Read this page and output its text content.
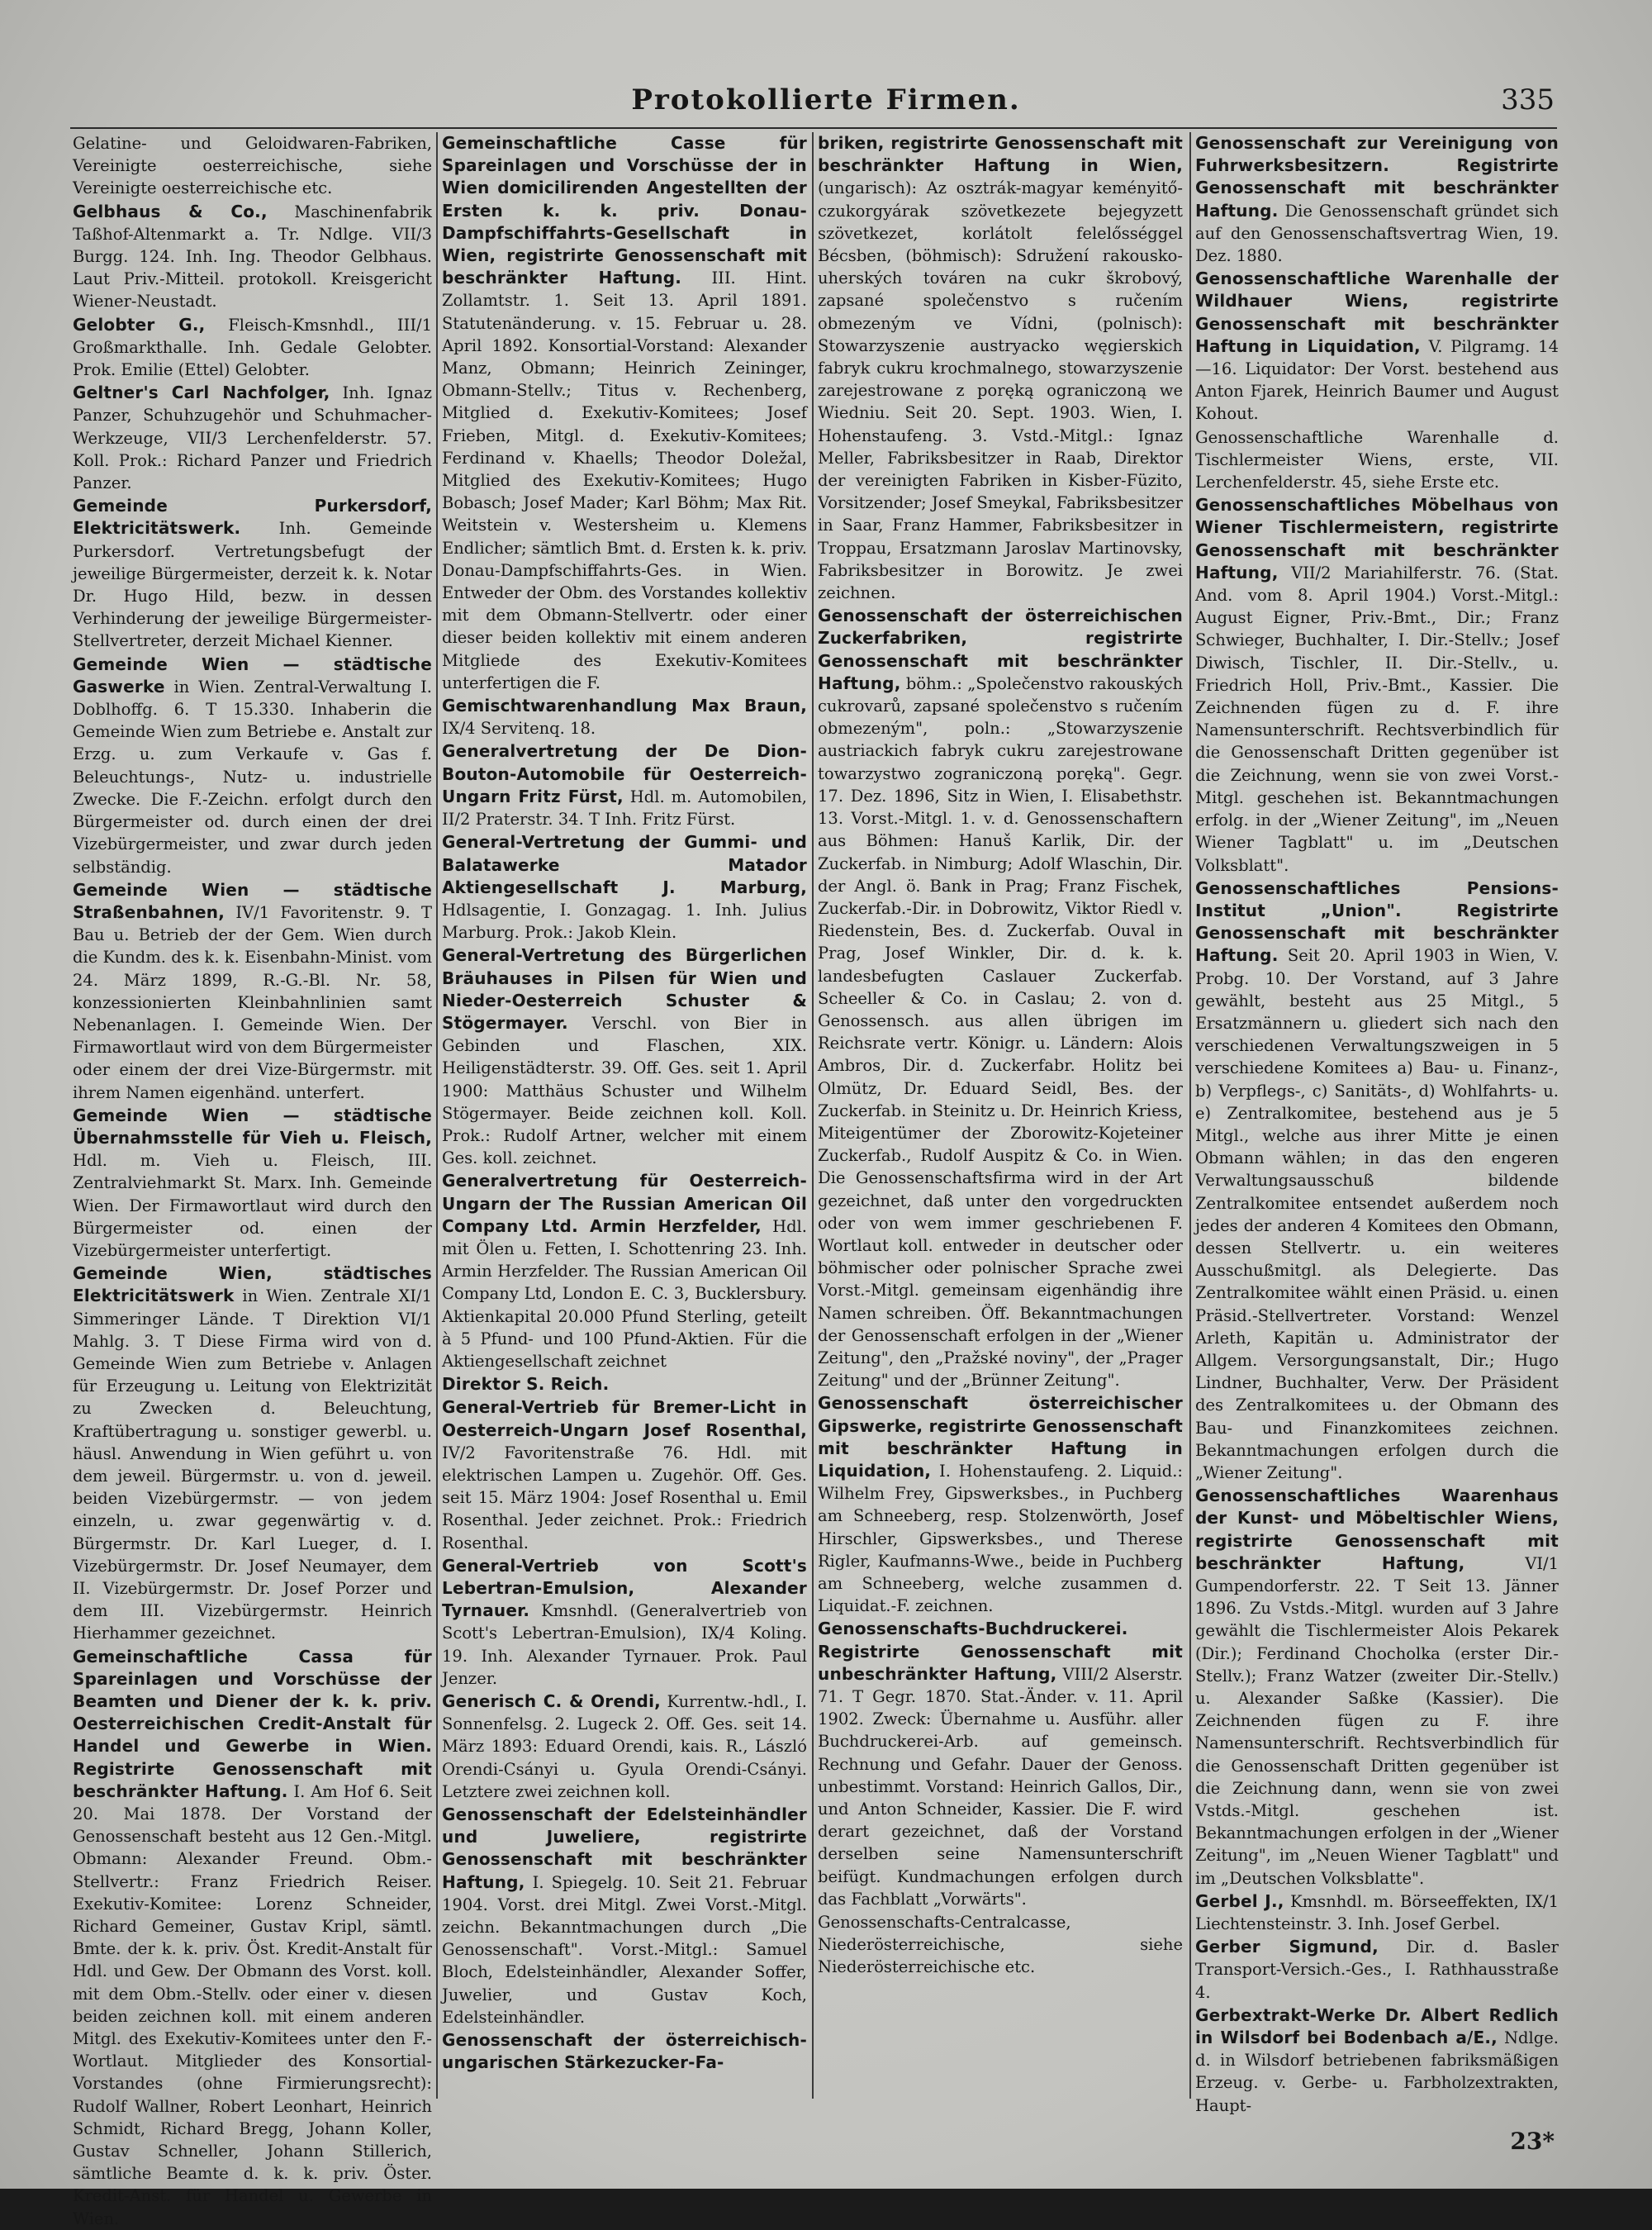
Protokollierte Firmen.	335
Gelatine- und Geloidwaren-Fabriken, Vereinigte oesterreichische, siehe Vereinigte oesterreichische etc.
Gelbhaus & Co., Maschinenfabrik Taßhof-Altenmarkt a. Tr. Ndlge. VII/3 Burgg. 124. Inh. Ing. Theodor Gelbhaus. Laut Priv.-Mitteil. protokoll. Kreisgericht Wiener-Neustadt.
Gelobter G., Fleisch-Kmsnhdl., III/1 Großmarkthalle. Inh. Gedale Gelobter. Prok. Emilie (Ettel) Gelobter.
Geltner's Carl Nachfolger, Inh. Ignaz Panzer, Schuhzugehör und Schuhmacher-Werkzeuge, VII/3 Lerchenfelderstr. 57. Koll. Prok.: Richard Panzer und Friedrich Panzer.
Gemeinde Purkersdorf, Elektricitätswerk. Inh. Gemeinde Purkersdorf. Vertretungsbefugt der jeweilige Bürgermeister, derzeit k. k. Notar Dr. Hugo Hild, bezw. in dessen Verhinderung der jeweilige Bürgermeister-Stellvertreter, derzeit Michael Kienner.
Gemeinde Wien — städtische Gaswerke in Wien. Zentral-Verwaltung I. Doblhoffg. 6. T 15.330. Inhaberin die Gemeinde Wien zum Betriebe e. Anstalt zur Erzg. u. zum Verkaufe v. Gas f. Beleuchtungs-, Nutz- u. industrielle Zwecke. Die F.-Zeichn. erfolgt durch den Bürgermeister od. durch einen der drei Vizebürgermeister, und zwar durch jeden selbständig.
Gemeinde Wien — städtische Straßenbahnen, IV/1 Favoritenstr. 9. T Bau u. Betrieb der der Gem. Wien durch die Kundm. des k. k. Eisenbahn-Minist. vom 24. März 1899, R.-G.-Bl. Nr. 58, konzessionierten Kleinbahnlinien samt Nebenanlagen. I. Gemeinde Wien. Der Firmawortlaut wird von dem Bürgermeister oder einem der drei Vize-Bürgermstr. mit ihrem Namen eigenhänd. unterfert.
Gemeinde Wien — städtische Übernahmsstelle für Vieh u. Fleisch, Hdl. m. Vieh u. Fleisch, III. Zentralviehmarkt St. Marx. Inh. Gemeinde Wien. Der Firmawortlaut wird durch den Bürgermeister od. einen der Vizebürgermeister unterfertigt.
Gemeinde Wien, städtisches Elektricitätswerk in Wien. Zentrale XI/1 Simmeringer Lände. T Direktion VI/1 Mahlg. 3. T Diese Firma wird von d. Gemeinde Wien zum Betriebe v. Anlagen für Erzeugung u. Leitung von Elektrizität zu Zwecken d. Beleuchtung, Kraftübertragung u. sonstiger gewerbl. u. häusl. Anwendung in Wien geführt u. von dem jeweil. Bürgermstr. u. von d. jeweil. beiden Vizebürgermstr. — von jedem einzeln, u. zwar gegenwärtig v. d. Bürgermstr. Dr. Karl Lueger, d. I. Vizebürgermstr. Dr. Josef Neumayer, dem II. Vizebürgermstr. Dr. Josef Porzer und dem III. Vizebürgermstr. Heinrich Hierhammer gezeichnet.
Gemeinschaftliche Cassa für Spareinlagen und Vorschüsse der Beamten und Diener der k. k. priv. Oesterreichischen Credit-Anstalt für Handel und Gewerbe in Wien. Registrirte Genossenschaft mit beschränkter Haftung. I. Am Hof 6. Seit 20. Mai 1878. Der Vorstand der Genossenschaft besteht aus 12 Gen.-Mitgl. Obmann: Alexander Freund. Obm.-Stellvertr.: Franz Friedrich Reiser. Exekutiv-Komitee: Lorenz Schneider, Richard Gemeiner, Gustav Kripl, sämtl. Bmte. der k. k. priv. Öst. Kredit-Anstalt für Hdl. und Gew. Der Obmann des Vorst. koll. mit dem Obm.-Stellv. oder einer v. diesen beiden zeichnen koll. mit einem anderen Mitgl. des Exekutiv-Komitees unter den F.-Wortlaut. Mitglieder des Konsortial-Vorstandes (ohne Firmierungsrecht): Rudolf Wallner, Robert Leonhart, Heinrich Schmidt, Richard Bregg, Johann Koller, Gustav Schneller, Johann Stillerich, sämtliche Beamte d. k. k. priv. Öster. Kredit-Anst. für Handel u. Gewerbe in Wien.
Gemeinschaftliche Casse für Spareinlagen und Vorschüsse der in Wien domicilirenden Angestellten der Ersten k. k. priv. Donau-Dampfschiffahrts-Gesellschaft in Wien, registrirte Genossenschaft mit beschränkter Haftung. III. Hint. Zollamtstr. 1. Seit 13. April 1891. Statutenänderung. v. 15. Februar u. 28. April 1892. Konsortial-Vorstand: Alexander Manz, Obmann; Heinrich Zeininger, Obmann-Stellv.; Titus v. Rechenberg, Mitglied d. Exekutiv-Komitees; Josef Frieben, Mitgl. d. Exekutiv-Komitees; Ferdinand v. Khaells; Theodor Doležal, Mitglied des Exekutiv-Komitees; Hugo Bobasch; Josef Mader; Karl Böhm; Max Rit. Weitstein v. Westersheim u. Klemens Endlicher; sämtlich Bmt. d. Ersten k. k. priv. Donau-Dampfschiffahrts-Ges. in Wien. Entweder der Obm. des Vorstandes kollektiv mit dem Obmann-Stellvertr. oder einer dieser beiden kollektiv mit einem anderen Mitgliede des Exekutiv-Komitees unterfertigen die F.
Gemischtwarenhandlung Max Braun, IX/4 Servitenq. 18.
Generalvertretung der De Dion-Bouton-Automobile für Oesterreich-Ungarn Fritz Fürst, Hdl. m. Automobilen, II/2 Praterstr. 34. T Inh. Fritz Fürst.
General-Vertretung der Gummi- und Balatawerke Matador Aktiengesellschaft J. Marburg, Hdlsagentie, I. Gonzagag. 1. Inh. Julius Marburg. Prok.: Jakob Klein.
General-Vertretung des Bürgerlichen Bräuhauses in Pilsen für Wien und Nieder-Oesterreich Schuster & Stögermayer. Verschl. von Bier in Gebinden und Flaschen, XIX. Heiligenstädterstr. 39. Off. Ges. seit 1. April 1900: Matthäus Schuster und Wilhelm Stögermayer. Beide zeichnen koll. Koll. Prok.: Rudolf Artner, welcher mit einem Ges. koll. zeichnet.
Generalvertretung für Oesterreich-Ungarn der The Russian American Oil Company Ltd. Armin Herzfelder, Hdl. mit Ölen u. Fetten, I. Schottenring 23. Inh. Armin Herzfelder. The Russian American Oil Company Ltd, London E. C. 3, Bucklersbury. Aktienkapital 20.000 Pfund Sterling, geteilt à 5 Pfund- und 100 Pfund-Aktien. Für die Aktiengesellschaft zeichnet
Direktor S. Reich.
General-Vertrieb für Bremer-Licht in Oesterreich-Ungarn Josef Rosenthal, IV/2 Favoritenstraße 76. Hdl. mit elektrischen Lampen u. Zugehör. Off. Ges. seit 15. März 1904: Josef Rosenthal u. Emil Rosenthal. Jeder zeichnet. Prok.: Friedrich Rosenthal.
General-Vertrieb von Scott's Lebertran-Emulsion, Alexander Tyrnauer. Kmsnhdl. (Generalvertrieb von Scott's Lebertran-Emulsion), IX/4 Koling. 19. Inh. Alexander Tyrnauer. Prok. Paul Jenzer.
Generisch C. & Orendi, Kurrentw.-hdl., I. Sonnenfelsg. 2. Lugeck 2. Off. Ges. seit 14. März 1893: Eduard Orendi, kais. R., László Orendi-Csányi u. Gyula Orendi-Csányi. Letztere zwei zeichnen koll.
Genossenschaft der Edelsteinhändler und Juweliere, registrirte Genossenschaft mit beschränkter Haftung, I. Spiegelg. 10. Seit 21. Februar 1904. Vorst. drei Mitgl. Zwei Vorst.-Mitgl. zeichn. Bekanntmachungen durch „Die Genossenschaft". Vorst.-Mitgl.: Samuel Bloch, Edelsteinhändler, Alexander Soffer, Juwelier, und Gustav Koch, Edelsteinhändler.
Genossenschaft der österreichisch-ungarischen Stärkezucker-Fa-
briken, registrirte Genossenschaft mit beschränkter Haftung in Wien, (ungarisch): Az osztrák-magyar keményitő-czukorgyárak szövetkezete bejegyzett szövetkezet, korlátolt felelősséggel Bécsben, (böhmisch): Sdružení rakousko-uherských továren na cukr škrobový, zapsané společenstvo s ručením obmezeným ve Vídni, (polnisch): Stowarzyszenie austryacko węgierskich fabryk cukru krochmalnego, stowarzyszenie zarejestrowane z poręką ograniczoną we Wiedniu. Seit 20. Sept. 1903. Wien, I. Hohenstaufeng. 3. Vstd.-Mitgl.: Ignaz Meller, Fabriksbesitzer in Raab, Direktor der vereinigten Fabriken in Kisber-Füzito, Vorsitzender; Josef Smeykal, Fabriksbesitzer in Saar, Franz Hammer, Fabriksbesitzer in Troppau, Ersatzmann Jaroslav Martinovsky, Fabriksbesitzer in Borowitz. Je zwei zeichnen.
Genossenschaft der österreichischen Zuckerfabriken, registrirte Genossenschaft mit beschränkter Haftung, böhm.: „Společenstvo rakouských cukrovarů, zapsané společenstvo s ručením obmezeným", poln.: „Stowarzyszenie austriackich fabryk cukru zarejestrowane towarzystwo zograniczoną poręką". Gegr. 17. Dez. 1896, Sitz in Wien, I. Elisabethstr. 13. Vorst.-Mitgl. 1. v. d. Genossenschaftern aus Böhmen: Hanuš Karlik, Dir. der Zuckerfab. in Nimburg; Adolf Wlaschin, Dir. der Angl. ö. Bank in Prag; Franz Fischek, Zuckerfab.-Dir. in Dobrowitz, Viktor Riedl v. Riedenstein, Bes. d. Zuckerfab. Ouval in Prag, Josef Winkler, Dir. d. k. k. landesbefugten Caslauer Zuckerfab. Scheeller & Co. in Caslau; 2. von d. Genossensch. aus allen übrigen im Reichsrate vertr. Königr. u. Ländern: Alois Ambros, Dir. d. Zuckerfabr. Holitz bei Olmütz, Dr. Eduard Seidl, Bes. der Zuckerfab. in Steinitz u. Dr. Heinrich Kriess, Miteigentümer der Zborowitz-Kojeteiner Zuckerfab., Rudolf Auspitz & Co. in Wien. Die Genossenschaftsfirma wird in der Art gezeichnet, daß unter den vorgedruckten oder von wem immer geschriebenen F. Wortlaut koll. entweder in deutscher oder böhmischer oder polnischer Sprache zwei Vorst.-Mitgl. gemeinsam eigenhändig ihre Namen schreiben. Öff. Bekanntmachungen der Genossenschaft erfolgen in der „Wiener Zeitung", den „Pražské noviny", der „Prager Zeitung" und der „Brünner Zeitung".
Genossenschaft österreichischer Gipswerke, registrirte Genossenschaft mit beschränkter Haftung in Liquidation, I. Hohenstaufeng. 2. Liquid.: Wilhelm Frey, Gipswerksbes., in Puchberg am Schneeberg, resp. Stolzenwörth, Josef Hirschler, Gipswerksbes., und Therese Rigler, Kaufmanns-Wwe., beide in Puchberg am Schneeberg, welche zusammen d. Liquidat.-F. zeichnen.
Genossenschafts-Buchdruckerei. Registrirte Genossenschaft mit unbeschränkter Haftung, VIII/2 Alserstr. 71. T Gegr. 1870. Stat.-Änder. v. 11. April 1902. Zweck: Übernahme u. Ausführ. aller Buchdruckerei-Arb. auf gemeinsch. Rechnung und Gefahr. Dauer der Genoss. unbestimmt. Vorstand: Heinrich Gallos, Dir., und Anton Schneider, Kassier. Die F. wird derart gezeichnet, daß der Vorstand derselben seine Namensunterschrift beifügt. Kundmachungen erfolgen durch das Fachblatt „Vorwärts".
Genossenschafts-Centralcasse, Niederösterreichische, siehe Niederösterreichische etc.
Genossenschaft zur Vereinigung von Fuhrwerksbesitzern. Registrirte Genossenschaft mit beschränkter Haftung. Die Genossenschaft gründet sich auf den Genossenschaftsvertrag Wien, 19. Dez. 1880.
Genossenschaftliche Warenhalle der Wildhauer Wiens, registrirte Genossenschaft mit beschränkter Haftung in Liquidation, V. Pilgramg. 14—16. Liquidator: Der Vorst. bestehend aus Anton Fjarek, Heinrich Baumer und August Kohout.
Genossenschaftliche Warenhalle d. Tischlermeister Wiens, erste, VII. Lerchenfelderstr. 45, siehe Erste etc.
Genossenschaftliches Möbelhaus von Wiener Tischlermeistern, registrirte Genossenschaft mit beschränkter Haftung, VII/2 Mariahilferstr. 76. (Stat. And. vom 8. April 1904.) Vorst.-Mitgl.: August Eigner, Priv.-Bmt., Dir.; Franz Schwieger, Buchhalter, I. Dir.-Stellv.; Josef Diwisch, Tischler, II. Dir.-Stellv., u. Friedrich Holl, Priv.-Bmt., Kassier. Die Zeichnenden fügen zu d. F. ihre Namensunterschrift. Rechtsverbindlich für die Genossenschaft Dritten gegenüber ist die Zeichnung, wenn sie von zwei Vorst.-Mitgl. geschehen ist. Bekanntmachungen erfolg. in der „Wiener Zeitung", im „Neuen Wiener Tagblatt" u. im „Deutschen Volksblatt".
Genossenschaftliches Pensions-Institut „Union". Registrirte Genossenschaft mit beschränkter Haftung. Seit 20. April 1903 in Wien, V. Probg. 10. Der Vorstand, auf 3 Jahre gewählt, besteht aus 25 Mitgl., 5 Ersatzmännern u. gliedert sich nach den verschiedenen Verwaltungszweigen in 5 verschiedene Komitees a) Bau- u. Finanz-, b) Verpflegs-, c) Sanitäts-, d) Wohlfahrts- u. e) Zentralkomitee, bestehend aus je 5 Mitgl., welche aus ihrer Mitte je einen Obmann wählen; in das den engeren Verwaltungsausschuß bildende Zentralkomitee entsendet außerdem noch jedes der anderen 4 Komitees den Obmann, dessen Stellvertr. u. ein weiteres Ausschußmitgl. als Delegierte. Das Zentralkomitee wählt einen Präsid. u. einen Präsid.-Stellvertreter. Vorstand: Wenzel Arleth, Kapitän u. Administrator der Allgem. Versorgungsanstalt, Dir.; Hugo Lindner, Buchhalter, Verw. Der Präsident des Zentralkomitees u. der Obmann des Bau- und Finanzkomitees zeichnen. Bekanntmachungen erfolgen durch die „Wiener Zeitung".
Genossenschaftliches Waarenhaus der Kunst- und Möbeltischler Wiens, registrirte Genossenschaft mit beschränkter Haftung,	VI/1 Gumpendorferstr. 22. T Seit 13. Jänner 1896. Zu Vstds.-Mitgl. wurden auf 3 Jahre gewählt die Tischlermeister Alois Pekarek (Dir.); Ferdinand Chocholka (erster Dir.-Stellv.); Franz Watzer (zweiter Dir.-Stellv.) u. Alexander Saßke (Kassier). Die Zeichnenden fügen zu F. ihre Namensunterschrift. Rechtsverbindlich für die Genossenschaft Dritten gegenüber ist die Zeichnung dann, wenn sie von zwei Vstds.-Mitgl. geschehen ist. Bekanntmachungen erfolgen in der „Wiener Zeitung", im „Neuen Wiener Tagblatt" und im „Deutschen Volksblatte".
Gerbel J., Kmsnhdl. m. Börseeffekten, IX/1 Liechtensteinstr. 3. Inh. Josef Gerbel.
Gerber Sigmund, Dir. d. Basler Transport-Versich.-Ges., I. Rathhausstraße 4.
Gerbextrakt-Werke Dr. Albert Redlich in Wilsdorf bei Bodenbach a/E., Ndlge. d. in Wilsdorf betriebenen fabriksmäßigen Erzeug. v. Gerbe- u. Farbholzextrakten, Haupt-
23*
